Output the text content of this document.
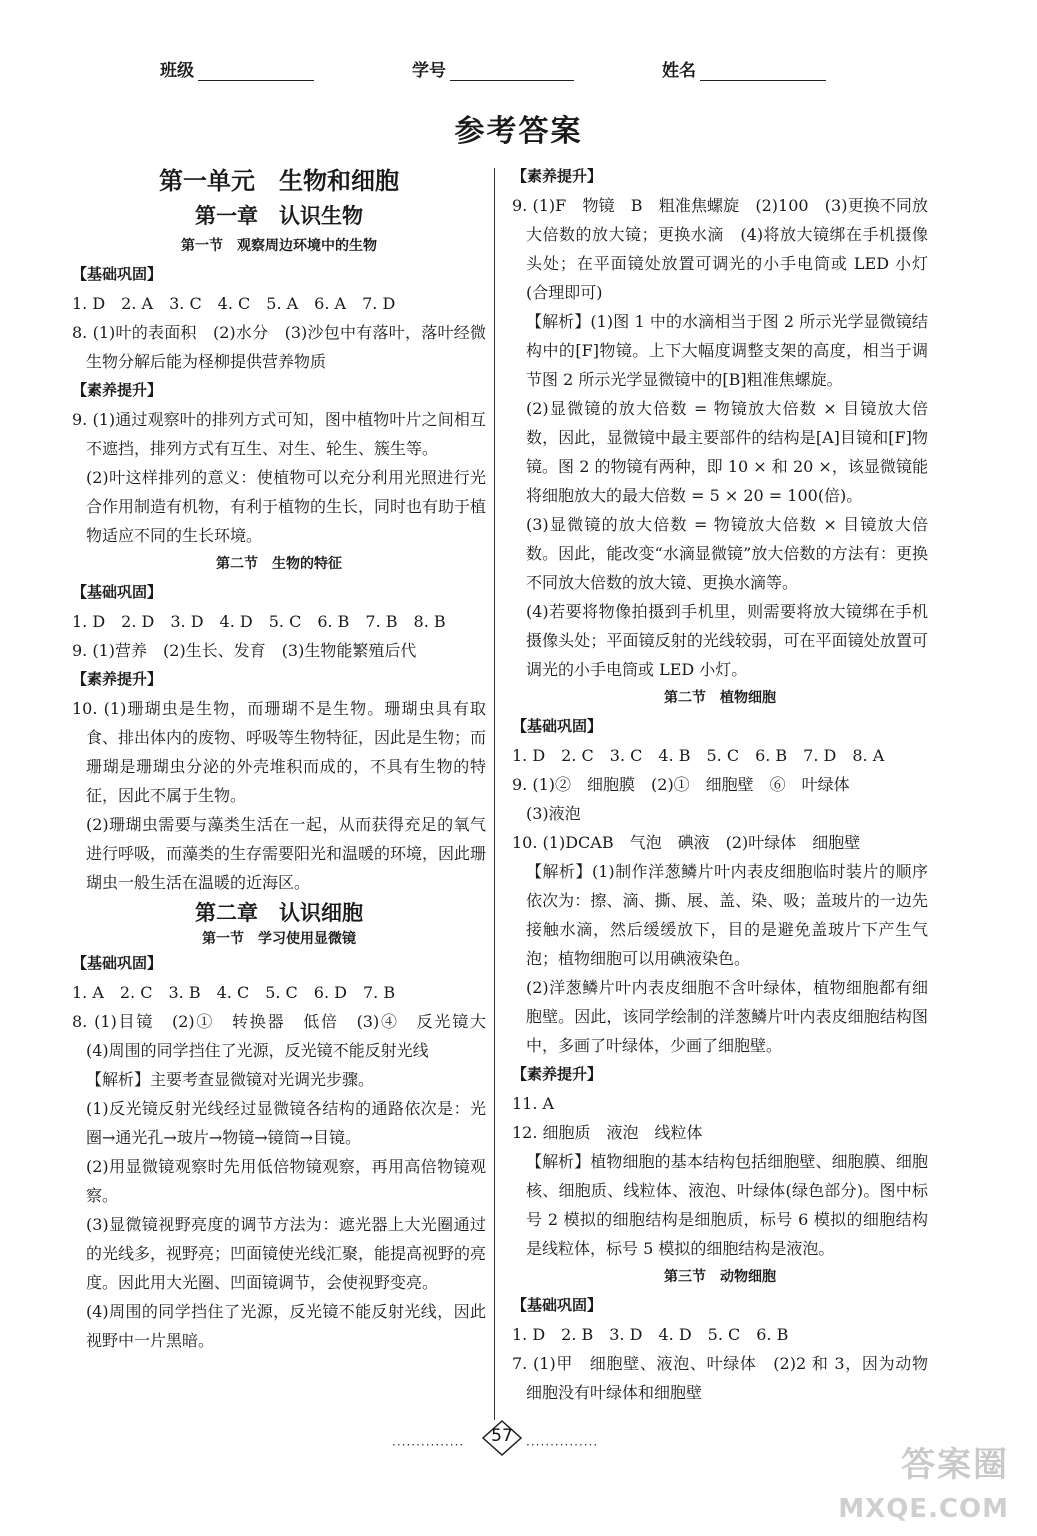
班级	学号	姓名
参考答案
第一单元　生物和细胞
第一章　认识生物
第一节　观察周边环境中的生物
【基础巩固】
1. D　2. A　3. C　4. C　5. A　6. A　7. D
8. (1)叶的表面积　(2)水分　(3)沙包中有落叶，落叶经微生物分解后能为柽柳提供营养物质
【素养提升】
9. (1)通过观察叶的排列方式可知，图中植物叶片之间相互不遮挡，排列方式有互生、对生、轮生、簇生等。
(2)叶这样排列的意义：使植物可以充分利用光照进行光合作用制造有机物，有利于植物的生长，同时也有助于植物适应不同的生长环境。
第二节　生物的特征
【基础巩固】
1. D　2. D　3. D　4. D　5. C　6. B　7. B　8. B
9. (1)营养　(2)生长、发育　(3)生物能繁殖后代
【素养提升】
10. (1)珊瑚虫是生物，而珊瑚不是生物。珊瑚虫具有取食、排出体内的废物、呼吸等生物特征，因此是生物；而珊瑚是珊瑚虫分泌的外壳堆积而成的，不具有生物的特征，因此不属于生物。
(2)珊瑚虫需要与藻类生活在一起，从而获得充足的氧气进行呼吸，而藻类的生存需要阳光和温暖的环境，因此珊瑚虫一般生活在温暖的近海区。
第二章　认识细胞
第一节　学习使用显微镜
【基础巩固】
1. A　2. C　3. B　4. C　5. C　6. D　7. B
8. (1)目镜　(2)①　转换器　低倍　(3)④　反光镜大　(4)周围的同学挡住了光源，反光镜不能反射光线
【解析】主要考查显微镜对光调光步骤。
(1)反光镜反射光线经过显微镜各结构的通路依次是：光圈→通光孔→玻片→物镜→镜筒→目镜。
(2)用显微镜观察时先用低倍物镜观察，再用高倍物镜观察。
(3)显微镜视野亮度的调节方法为：遮光器上大光圈通过的光线多，视野亮；凹面镜使光线汇聚，能提高视野的亮度。因此用大光圈、凹面镜调节，会使视野变亮。
(4)周围的同学挡住了光源，反光镜不能反射光线，因此视野中一片黑暗。
【素养提升】
9. (1)F　物镜　B　粗准焦螺旋　(2)100　(3)更换不同放大倍数的放大镜；更换水滴　(4)将放大镜绑在手机摄像头处；在平面镜处放置可调光的小手电筒或 LED 小灯(合理即可)
【解析】(1)图 1 中的水滴相当于图 2 所示光学显微镜结构中的[F]物镜。上下大幅度调整支架的高度，相当于调节图 2 所示光学显微镜中的[B]粗准焦螺旋。
(2)显微镜的放大倍数 = 物镜放大倍数 × 目镜放大倍数，因此，显微镜中最主要部件的结构是[A]目镜和[F]物镜。图 2 的物镜有两种，即 10 × 和 20 ×，该显微镜能将细胞放大的最大倍数 = 5 × 20 = 100(倍)。
(3)显微镜的放大倍数 = 物镜放大倍数 × 目镜放大倍数。因此，能改变“水滴显微镜”放大倍数的方法有：更换不同放大倍数的放大镜、更换水滴等。
(4)若要将物像拍摄到手机里，则需要将放大镜绑在手机摄像头处；平面镜反射的光线较弱，可在平面镜处放置可调光的小手电筒或 LED 小灯。
第二节　植物细胞
【基础巩固】
1. D　2. C　3. C　4. B　5. C　6. B　7. D　8. A
9. (1)②　细胞膜　(2)①　细胞壁　⑥　叶绿体
(3)液泡
10. (1)DCAB　气泡　碘液　(2)叶绿体　细胞壁
【解析】(1)制作洋葱鳞片叶内表皮细胞临时装片的顺序依次为：擦、滴、撕、展、盖、染、吸；盖玻片的一边先接触水滴，然后缓缓放下，目的是避免盖玻片下产生气泡；植物细胞可以用碘液染色。
(2)洋葱鳞片叶内表皮细胞不含叶绿体，植物细胞都有细胞壁。因此，该同学绘制的洋葱鳞片叶内表皮细胞结构图中，多画了叶绿体，少画了细胞壁。
【素养提升】
11. A
12. 细胞质　液泡　线粒体
【解析】植物细胞的基本结构包括细胞壁、细胞膜、细胞核、细胞质、线粒体、液泡、叶绿体(绿色部分)。图中标号 2 模拟的细胞结构是细胞质，标号 6 模拟的细胞结构是线粒体，标号 5 模拟的细胞结构是液泡。
第三节　动物细胞
【基础巩固】
1. D　2. B　3. D　4. D　5. C　6. B
7. (1)甲　细胞壁、液泡、叶绿体　(2)2 和 3，因为动物细胞没有叶绿体和细胞壁
···············	57	···············	答案圈
MXQE.COM
